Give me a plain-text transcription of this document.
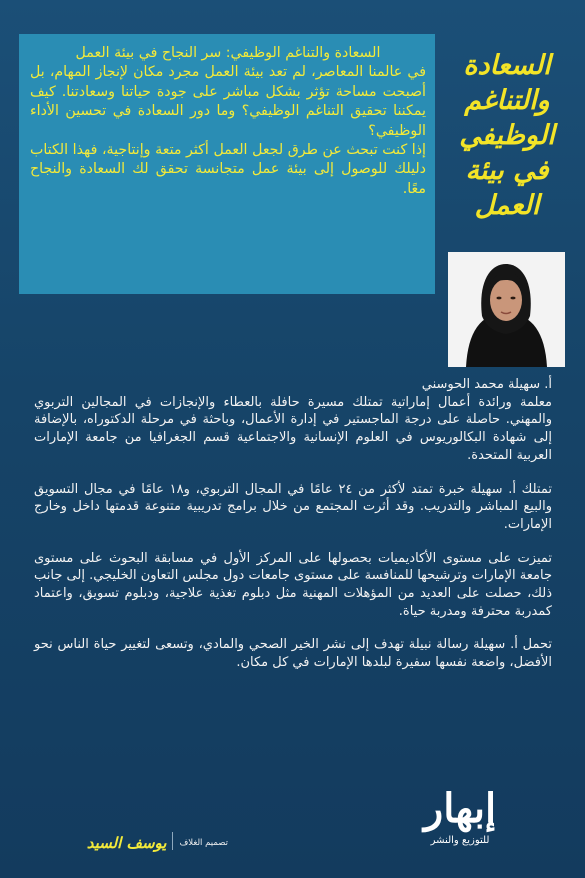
السعادة والتناغم الوظيفي: سر النجاح في بيئة العمل

في عالمنا المعاصر، لم تعد بيئة العمل مجرد مكان لإنجاز المهام، بل أصبحت مساحة تؤثر بشكل مباشر على جودة حياتنا وسعادتنا. كيف يمكننا تحقيق التناغم الوظيفي؟ وما دور السعادة في تحسين الأداء الوظيفي؟

إذا كنت تبحث عن طرق لجعل العمل أكثر متعة وإنتاجية، فهذا الكتاب دليلك للوصول إلى بيئة عمل متجانسة تحقق لك السعادة والنجاح معًا.

السعادة والتناغم الوظيفي في بيئة العمل

أ. سهيلة محمد الحوسني

معلمة ورائدة أعمال إماراتية تمتلك مسيرة حافلة بالعطاء والإنجازات في المجالين التربوي والمهني. حاصلة على درجة الماجستير في إدارة الأعمال، وباحثة في مرحلة الدكتوراه، بالإضافة إلى شهادة البكالوريوس في العلوم الإنسانية والاجتماعية قسم الجغرافيا من جامعة الإمارات العربية المتحدة.

تمتلك أ. سهيلة خبرة تمتد لأكثر من ٢٤ عامًا في المجال التربوي، و١٨ عامًا في مجال التسويق والبيع المباشر والتدريب. وقد أثرت المجتمع من خلال برامج تدريبية متنوعة قدمتها داخل وخارج الإمارات.

تميزت على مستوى الأكاديميات بحصولها على المركز الأول في مسابقة البحوث على مستوى جامعة الإمارات وترشيحها للمنافسة على مستوى جامعات دول مجلس التعاون الخليجي. إلى جانب ذلك، حصلت على العديد من المؤهلات المهنية مثل دبلوم تغذية علاجية، ودبلوم تسويق، واعتماد كمدربة محترفة ومدربة حياة.

تحمل أ. سهيلة رسالة نبيلة تهدف إلى نشر الخير الصحي والمادي، وتسعى لتغيير حياة الناس نحو الأفضل، واضعة نفسها سفيرة لبلدها الإمارات في كل مكان.

إبهار
للتوزيع والنشر
تصميم الغلاف
يوسف السيد
